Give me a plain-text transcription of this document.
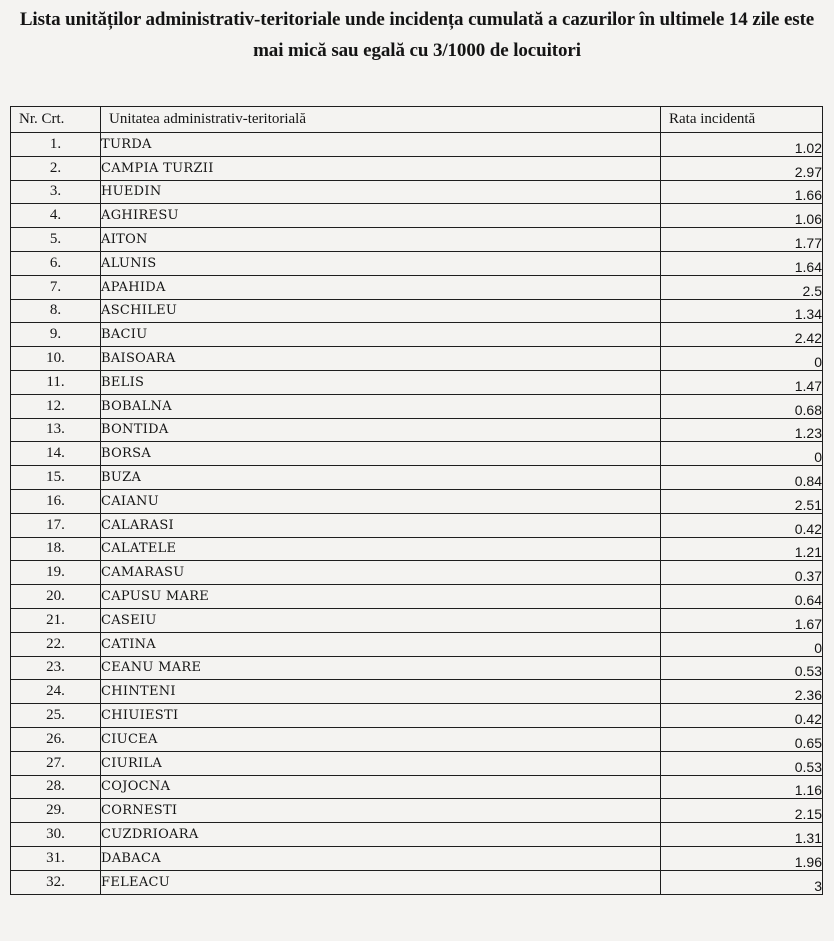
Lista unităților administrativ-teritoriale unde incidența cumulată a cazurilor în ultimele 14 zile este
mai mică sau egală cu 3/1000 de locuitori
Nr. Crt.	Unitatea administrativ-teritorială	Rata incidentă
1.	TURDA	1.02
2.	CAMPIA TURZII	2.97
3.	HUEDIN	1.66
4.	AGHIRESU	1.06
5.	AITON	1.77
6.	ALUNIS	1.64
7.	APAHIDA	2.5
8.	ASCHILEU	1.34
9.	BACIU	2.42
10.	BAISOARA	0
11.	BELIS	1.47
12.	BOBALNA	0.68
13.	BONTIDA	1.23
14.	BORSA	0
15.	BUZA	0.84
16.	CAIANU	2.51
17.	CALARASI	0.42
18.	CALATELE	1.21
19.	CAMARASU	0.37
20.	CAPUSU MARE	0.64
21.	CASEIU	1.67
22.	CATINA	0
23.	CEANU MARE	0.53
24.	CHINTENI	2.36
25.	CHIUIESTI	0.42
26.	CIUCEA	0.65
27.	CIURILA	0.53
28.	COJOCNA	1.16
29.	CORNESTI	2.15
30.	CUZDRIOARA	1.31
31.	DABACA	1.96
32.	FELEACU	3
